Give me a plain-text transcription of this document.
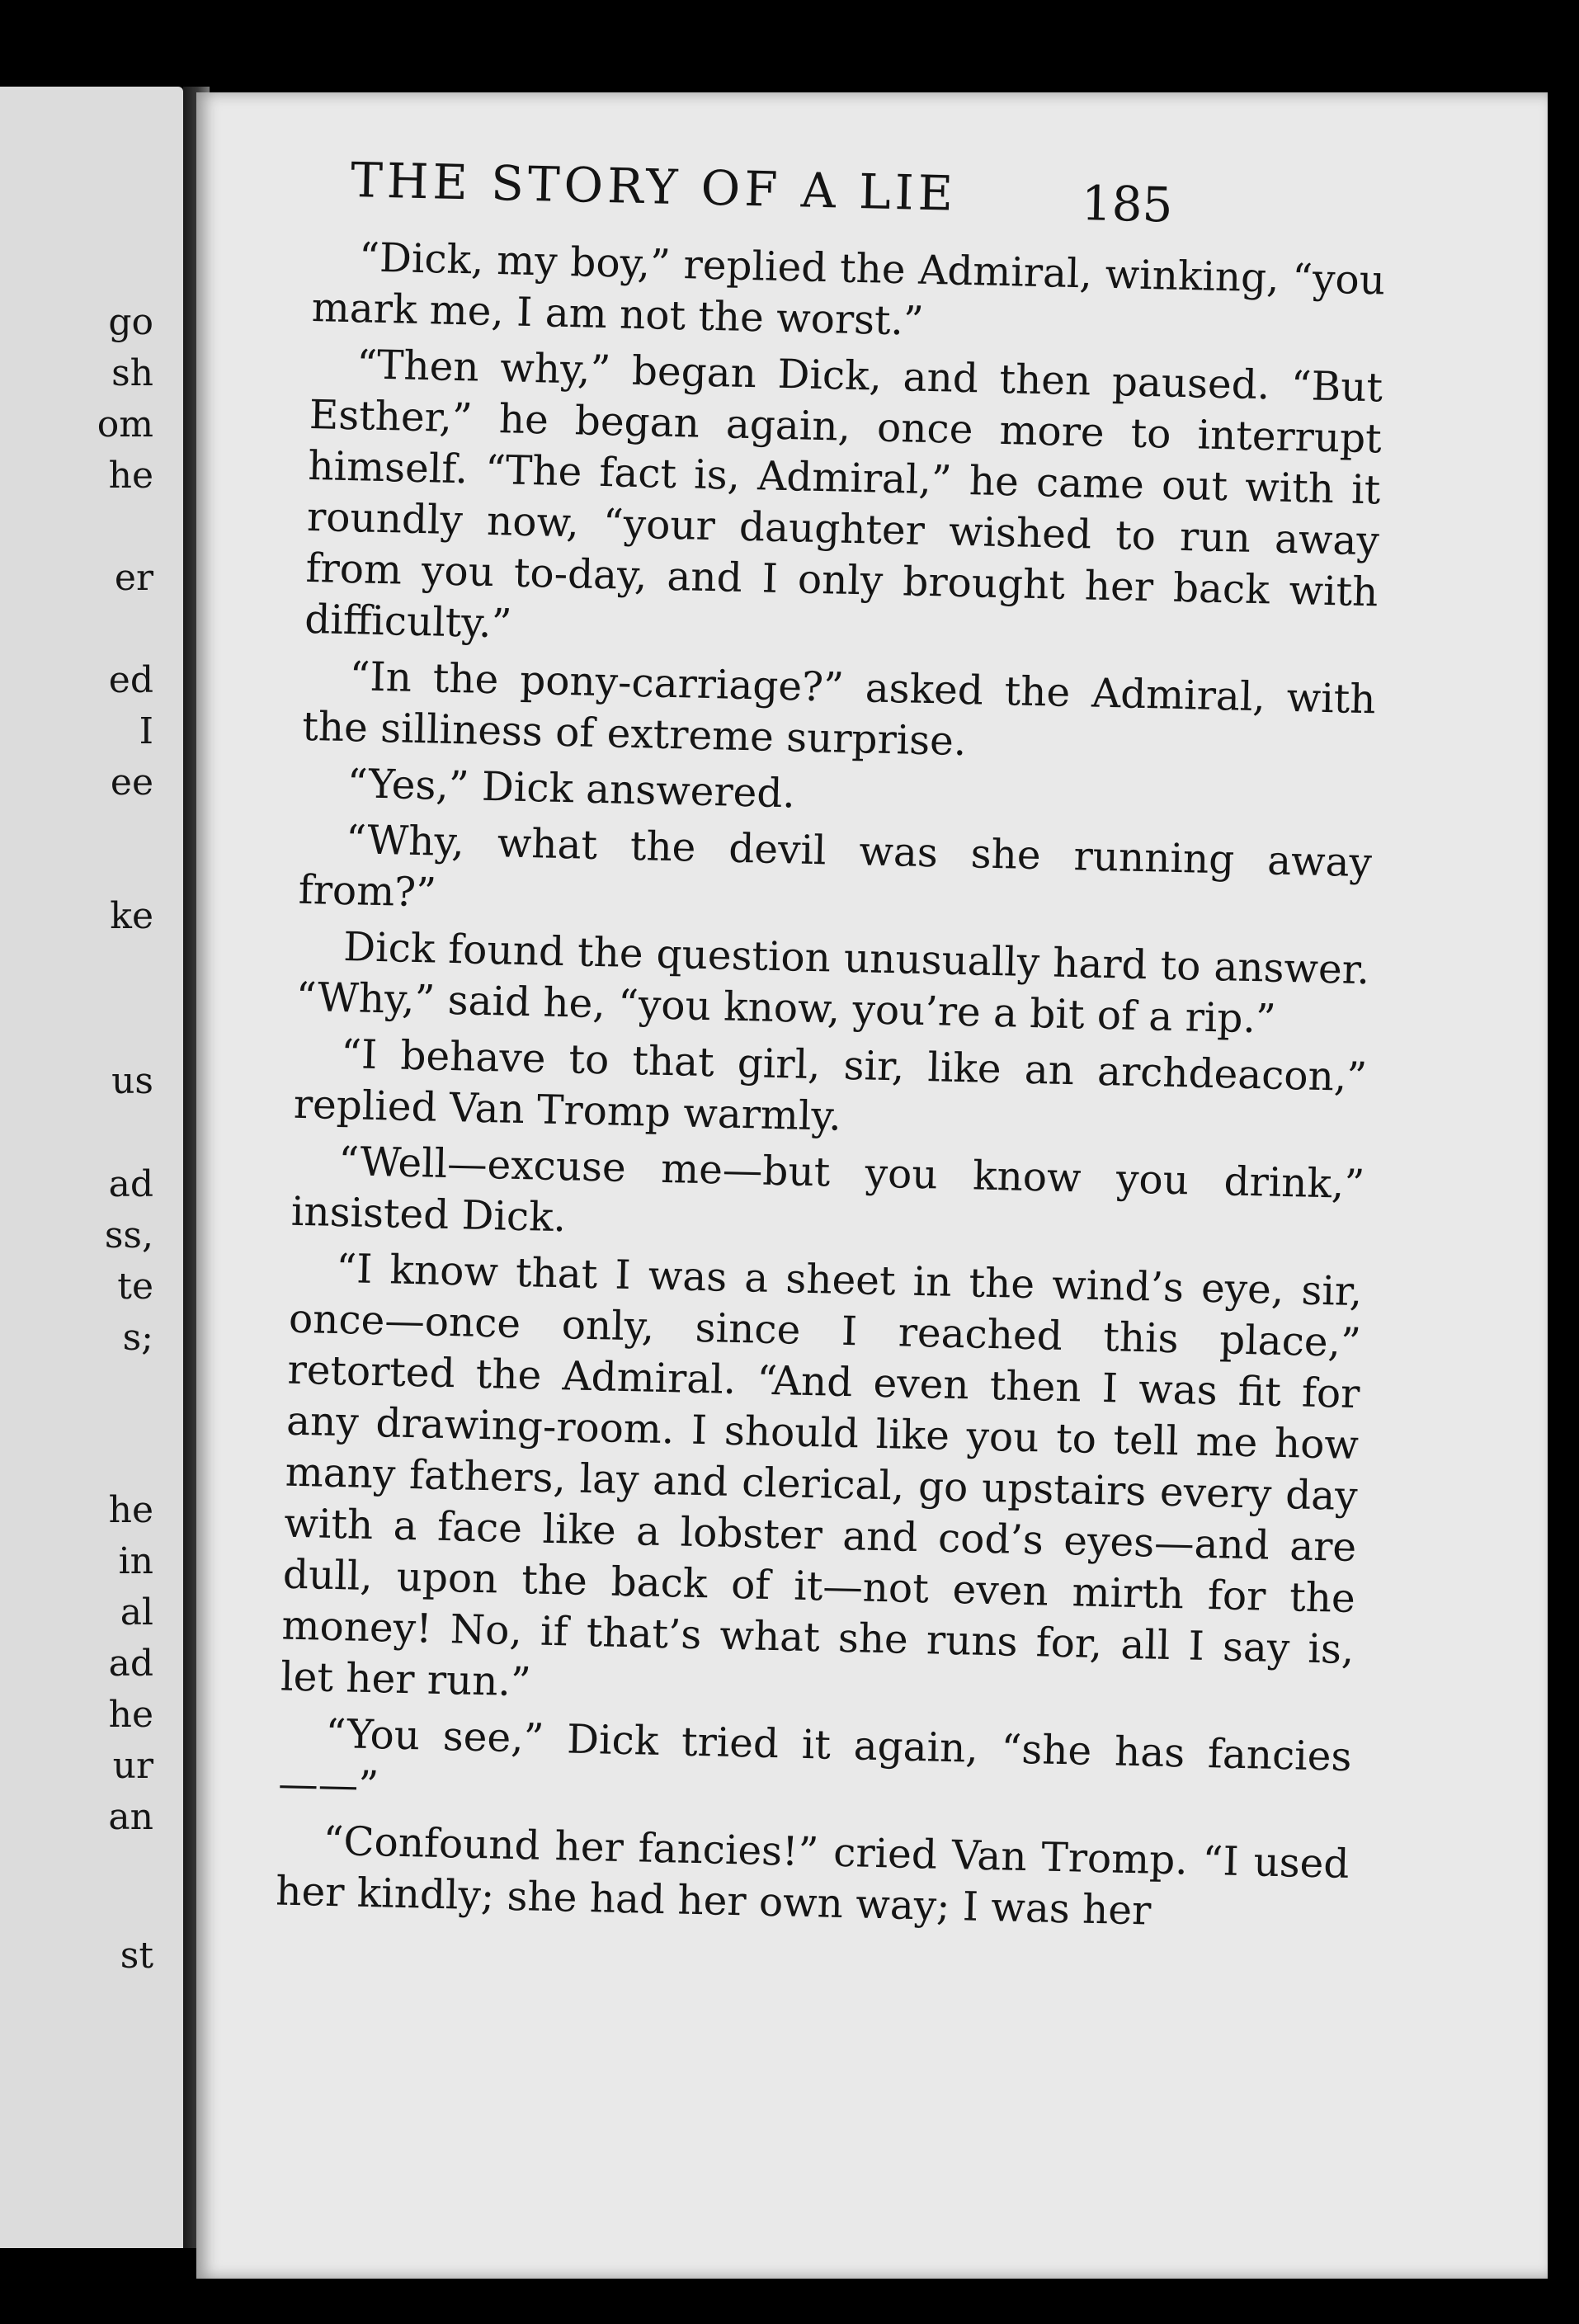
go
sh
om
he
er
ed
I
ee
ke
us
ad
ss,
te
s;
he
in
al
ad
he
ur
an
st
THE STORY OF A LIE	185

“Dick, my boy,” replied the Admiral, winking, “you mark me, I am not the worst.”

“Then why,” began Dick, and then paused. “But Esther,” he began again, once more to interrupt himself. “The fact is, Admiral,” he came out with it roundly now, “your daughter wished to run away from you to-day, and I only brought her back with difficulty.”

“In the pony-carriage?” asked the Admiral, with the silliness of extreme surprise.

“Yes,” Dick answered.

“Why, what the devil was she running away from?”

Dick found the question unusually hard to answer. “Why,” said he, “you know, you’re a bit of a rip.”

“I behave to that girl, sir, like an archdeacon,” replied Van Tromp warmly.

“Well—excuse me—but you know you drink,” insisted Dick.

“I know that I was a sheet in the wind’s eye, sir, once—once only, since I reached this place,” retorted the Admiral. “And even then I was fit for any drawing-room. I should like you to tell me how many fathers, lay and clerical, go upstairs every day with a face like a lobster and cod’s eyes—and are dull, upon the back of it—not even mirth for the money! No, if that’s what she runs for, all I say is, let her run.”

“You see,” Dick tried it again, “she has fancies——”

“Confound her fancies!” cried Van Tromp. “I used her kindly; she had her own way; I was her
